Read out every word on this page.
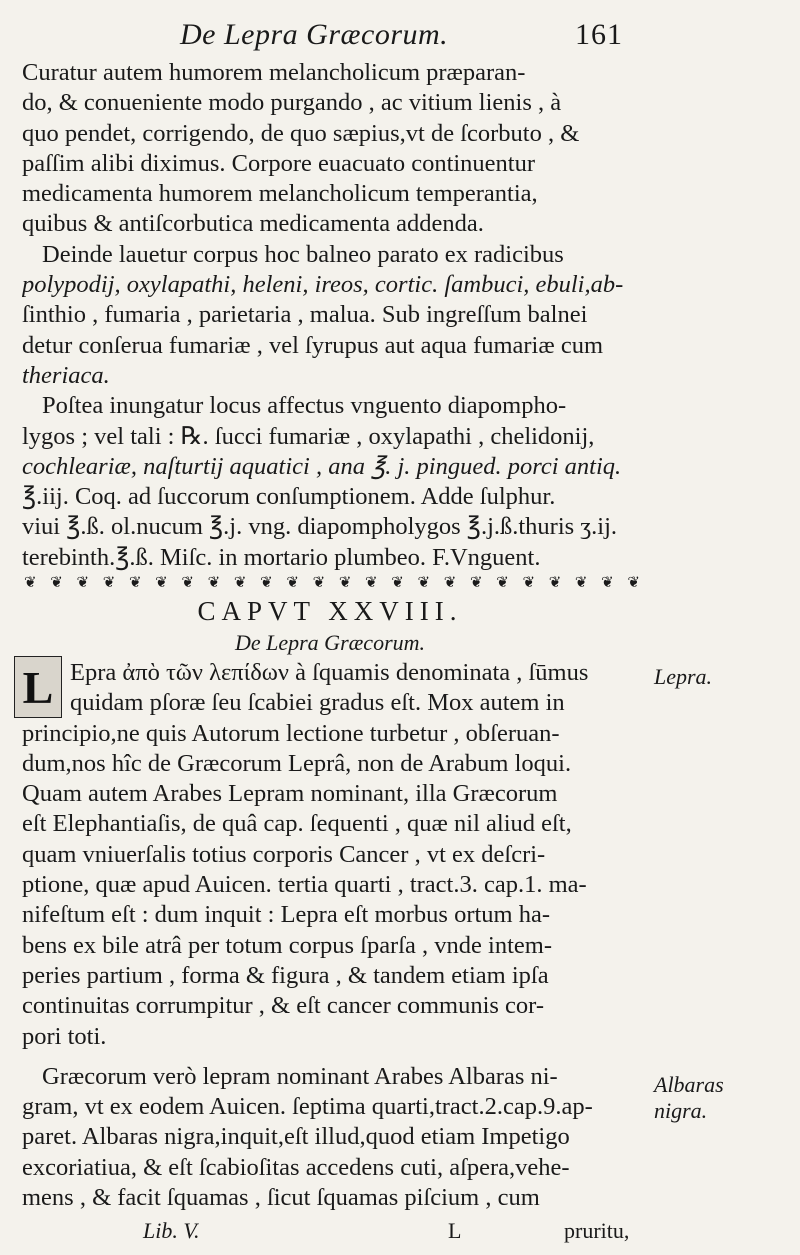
De Lepra Græcorum.	161
Curatur autem humorem melancholicum præparan-
do, & conueniente modo purgando , ac vitium lienis , à
quo pendet, corrigendo, de quo sæpius,vt de ſcorbuto , &
paſſim alibi diximus. Corpore euacuato continuentur
medicamenta humorem melancholicum temperantia,
quibus & antiſcorbutica medicamenta addenda.
Deinde lauetur corpus hoc balneo parato ex radicibus
polypodij, oxylapathi, heleni, ireos, cortic. ſambuci, ebuli,ab-
ſinthio , fumaria , parietaria , malua. Sub ingreſſum balnei
detur conſerua fumariæ , vel ſyrupus aut aqua fumariæ cum
theriaca.
Poſtea inungatur locus affectus vnguento diapompho-
lygos ; vel tali : ℞. ſucci fumariæ , oxylapathi , chelidonij,
cochleariæ, naſturtij aquatici , ana ℥. j. pingued. porci antiq.
℥.iij. Coq. ad ſuccorum conſumptionem. Adde ſulphur.
viui ℥.ß. ol.nucum ℥.j. vng. diapompholygos ℥.j.ß.thuris ʒ.ij.
terebinth.℥.ß. Miſc. in mortario plumbeo. F.Vnguent.
❦ ❦ ❦ ❦ ❦ ❦ ❦ ❦ ❦ ❦ ❦ ❦ ❦ ❦ ❦ ❦ ❦ ❦ ❦ ❦ ❦ ❦ ❦ ❦
CAPVT XXVIII.
De Lepra Græcorum.
L Epra ἀπὸ τῶν λεπίδων à ſquamis denominata , ſūmus
quidam pſoræ ſeu ſcabiei gradus eſt. Mox autem in
principio,ne quis Autorum lectione turbetur , obſeruan-
dum,nos hîc de Græcorum Leprâ, non de Arabum loqui.
Quam autem Arabes Lepram nominant, illa Græcorum
eſt Elephantiaſis, de quâ cap. ſequenti , quæ nil aliud eſt,
quam vniuerſalis totius corporis Cancer , vt ex deſcri-
ptione, quæ apud Auicen. tertia quarti , tract.3. cap.1. ma-
nifeſtum eſt : dum inquit : Lepra eſt morbus ortum ha-
bens ex bile atrâ per totum corpus ſparſa , vnde intem-
peries partium , forma & figura , & tandem etiam ipſa
continuitas corrumpitur , & eſt cancer communis cor-
pori toti.
Græcorum verò lepram nominant Arabes Albaras ni-
gram, vt ex eodem Auicen. ſeptima quarti,tract.2.cap.9.ap-
paret. Albaras nigra,inquit,eſt illud,quod etiam Impetigo
excoriatiua, & eſt ſcabioſitas accedens cuti, aſpera,vehe-
mens , & facit ſquamas , ſicut ſquamas piſcium , cum
Lepra.
Albaras
nigra.
Lib. V.	L	pruritu,
